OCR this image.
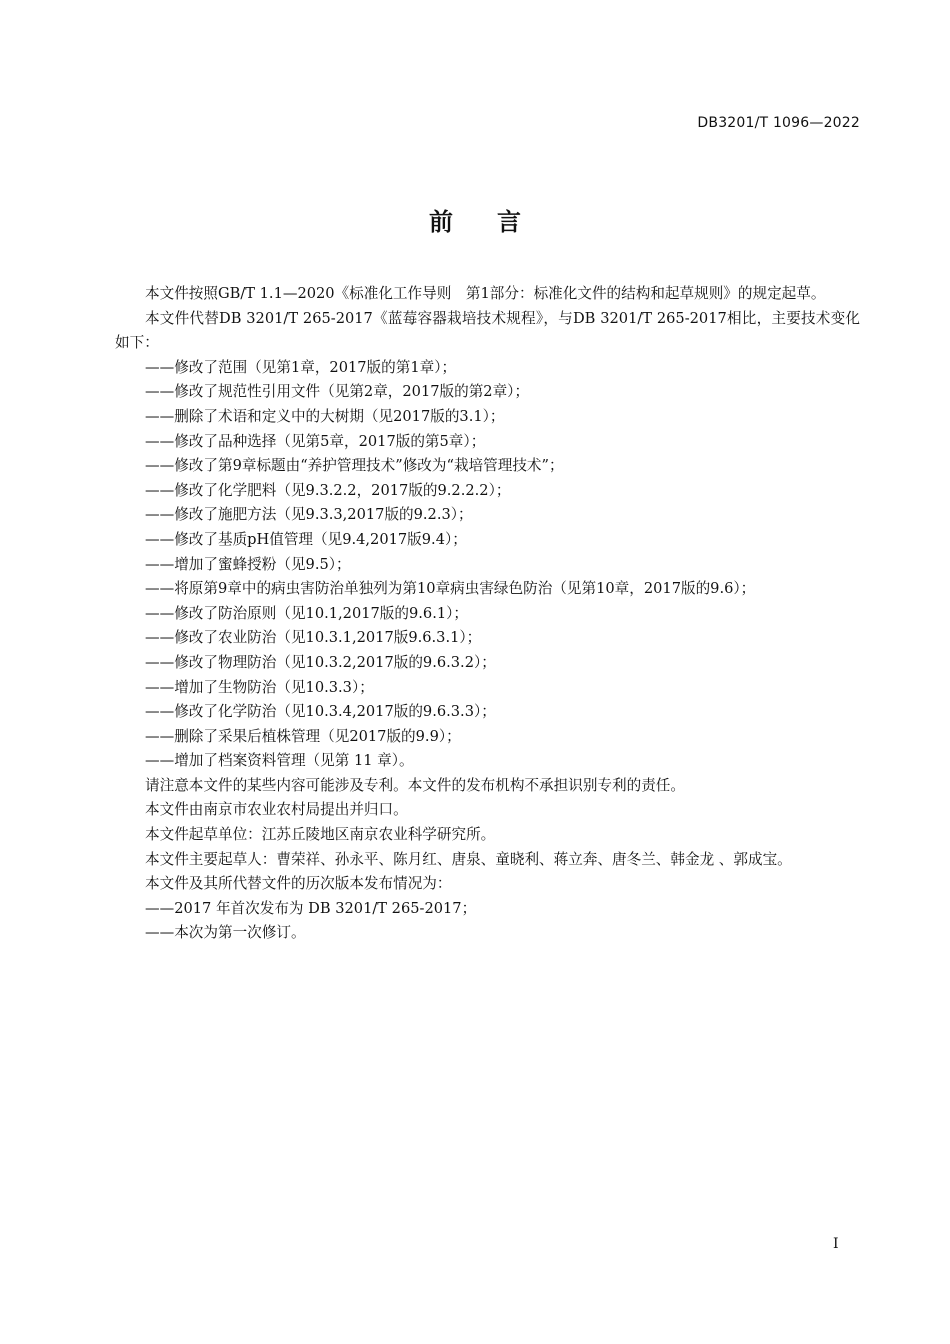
DB3201/T 1096—2022
前言

本文件按照GB/T 1.1—2020《标准化工作导则　第1部分：标准化文件的结构和起草规则》的规定起草。

本文件代替DB 3201/T 265-2017《蓝莓容器栽培技术规程》，与DB 3201/T 265-2017相比，主要技术变化如下：

——修改了范围（见第1章，2017版的第1章）；

——修改了规范性引用文件（见第2章，2017版的第2章）；

——删除了术语和定义中的大树期（见2017版的3.1）；

——修改了品种选择（见第5章，2017版的第5章）；

——修改了第9章标题由“养护管理技术”修改为“栽培管理技术”；

——修改了化学肥料（见9.3.2.2，2017版的9.2.2.2）；

——修改了施肥方法（见9.3.3,2017版的9.2.3）；

——修改了基质pH值管理（见9.4,2017版9.4）；

——增加了蜜蜂授粉（见9.5）；

——将原第9章中的病虫害防治单独列为第10章病虫害绿色防治（见第10章，2017版的9.6）；

——修改了防治原则（见10.1,2017版的9.6.1）；

——修改了农业防治（见10.3.1,2017版9.6.3.1）；

——修改了物理防治（见10.3.2,2017版的9.6.3.2）；

——增加了生物防治（见10.3.3）；

——修改了化学防治（见10.3.4,2017版的9.6.3.3）；

——删除了采果后植株管理（见2017版的9.9）；

——增加了档案资料管理（见第 11 章）。

请注意本文件的某些内容可能涉及专利。本文件的发布机构不承担识别专利的责任。

本文件由南京市农业农村局提出并归口。

本文件起草单位：江苏丘陵地区南京农业科学研究所。

本文件主要起草人：曹荣祥、孙永平、陈月红、唐泉、童晓利、蒋立奔、唐冬兰、韩金龙 、郭成宝。

本文件及其所代替文件的历次版本发布情况为：

——2017 年首次发布为 DB 3201/T 265-2017；

——本次为第一次修订。

I
